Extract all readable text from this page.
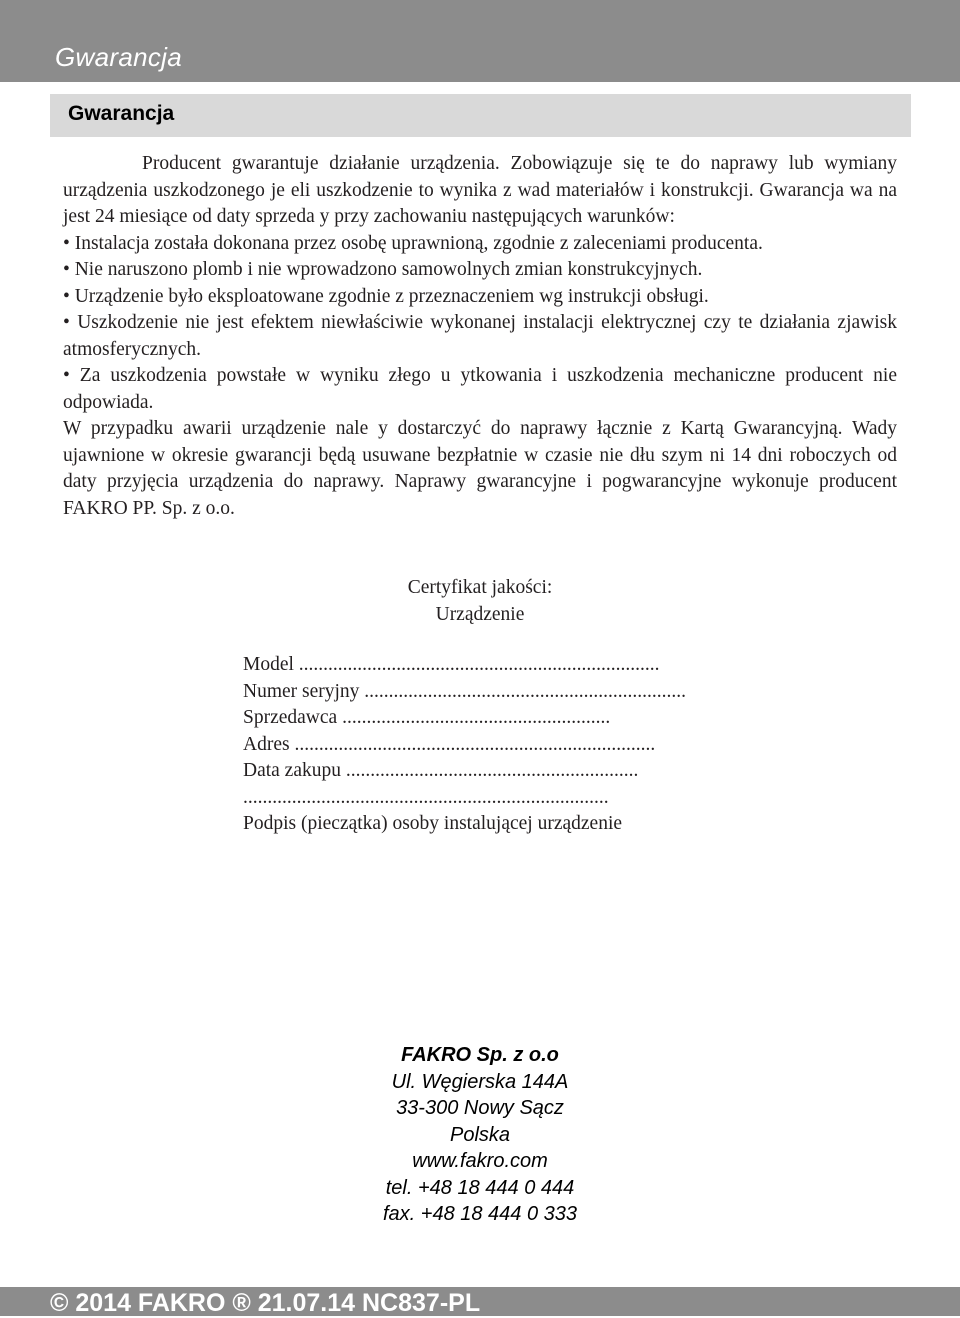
Gwarancja
Gwarancja

Producent gwarantuje działanie urządzenia. Zobowiązuje się te do naprawy lub wymiany urządzenia uszkodzonego je eli uszkodzenie to wynika z wad materiałów i konstrukcji. Gwarancja wa na jest 24 miesiące od daty sprzeda y przy zachowaniu następujących warunków:

• Instalacja została dokonana przez osobę uprawnioną, zgodnie z zaleceniami producenta.

• Nie naruszono plomb i nie wprowadzono samowolnych zmian konstrukcyjnych.

• Urządzenie było eksploatowane zgodnie z przeznaczeniem wg instrukcji obsługi.

• Uszkodzenie nie jest efektem niewłaściwie wykonanej instalacji elektrycznej czy te działania zjawisk atmosferycznych.

• Za uszkodzenia powstałe w wyniku złego u ytkowania i uszkodzenia mechaniczne producent nie odpowiada.

W przypadku awarii urządzenie nale y dostarczyć do naprawy łącznie z Kartą Gwarancyjną. Wady ujawnione w okresie gwarancji będą usuwane bezpłatnie w czasie nie dłu szym ni 14 dni roboczych od daty przyjęcia urządzenia do naprawy. Naprawy gwarancyjne i pogwarancyjne wykonuje producent FAKRO PP. Sp. z o.o.

Certyfikat jakości:
Urządzenie
Model ..........................................................................
Numer seryjny ..................................................................
Sprzedawca .......................................................
Adres ..........................................................................
Data zakupu ............................................................
...........................................................................
Podpis (pieczątka) osoby instalującej urządzenie
FAKRO Sp. z o.o
Ul. Węgierska 144A
33-300 Nowy Sącz
Polska
www.fakro.com
tel. +48 18 444 0 444
fax. +48 18 444 0 333
© 2014 FAKRO ® 21.07.14 NC837-PL
